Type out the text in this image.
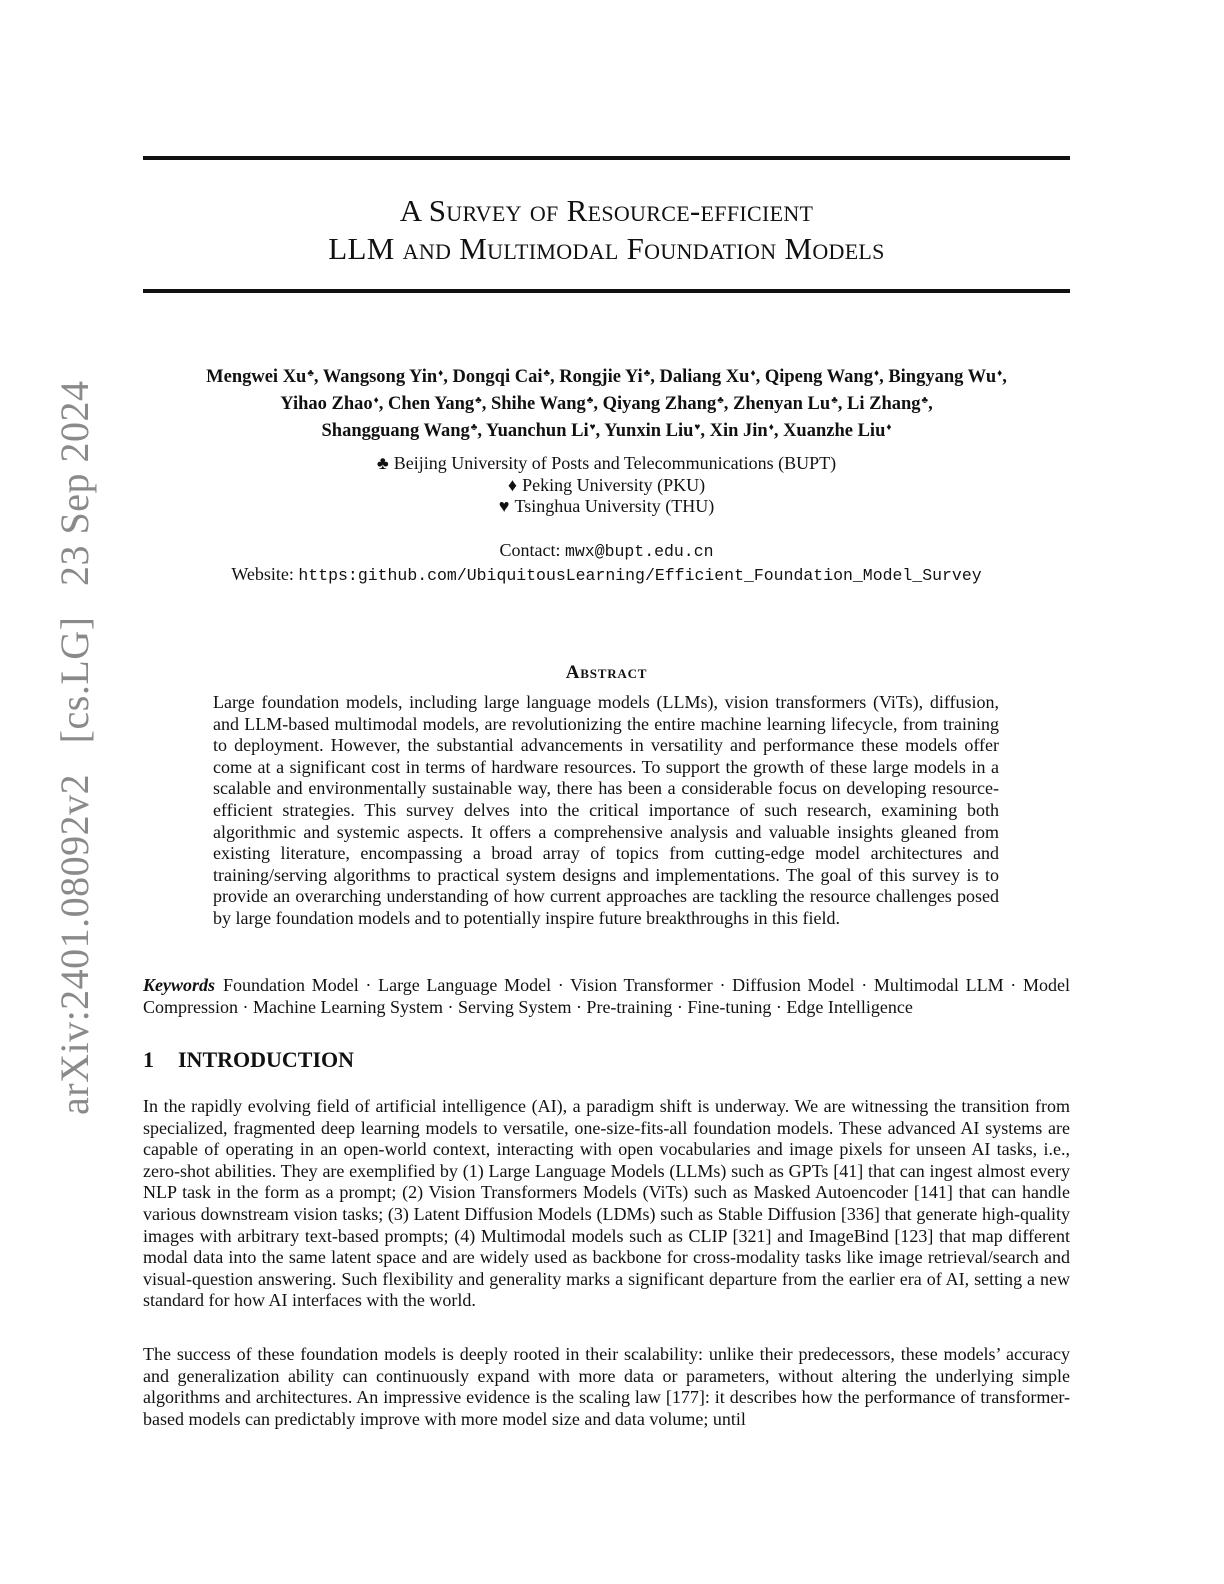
arXiv:2401.08092v2 [cs.LG] 23 Sep 2024
A Survey of Resource-efficient
LLM and Multimodal Foundation Models
Mengwei Xu♣, Wangsong Yin♦, Dongqi Cai♣, Rongjie Yi♣, Daliang Xu♦, Qipeng Wang♦, Bingyang Wu♦,
Yihao Zhao♦, Chen Yang♣, Shihe Wang♣, Qiyang Zhang♣, Zhenyan Lu♣, Li Zhang♣,
Shangguang Wang♣, Yuanchun Li♥, Yunxin Liu♥, Xin Jin♦, Xuanzhe Liu♦
♣ Beijing University of Posts and Telecommunications (BUPT)
♦ Peking University (PKU)
♥ Tsinghua University (THU)
Contact: mwx@bupt.edu.cn
Website: https:github.com/UbiquitousLearning/Efficient_Foundation_Model_Survey
Abstract

Large foundation models, including large language models (LLMs), vision transformers (ViTs), diffusion, and LLM-based multimodal models, are revolutionizing the entire machine learning lifecycle, from training to deployment. However, the substantial advancements in versatility and performance these models offer come at a significant cost in terms of hardware resources. To support the growth of these large models in a scalable and environmentally sustainable way, there has been a considerable focus on developing resource-efficient strategies. This survey delves into the critical importance of such research, examining both algorithmic and systemic aspects. It offers a comprehensive analysis and valuable insights gleaned from existing literature, encompassing a broad array of topics from cutting-edge model architectures and training/serving algorithms to practical system designs and implementations. The goal of this survey is to provide an overarching understanding of how current approaches are tackling the resource challenges posed by large foundation models and to potentially inspire future breakthroughs in this field.

Keywords Foundation Model · Large Language Model · Vision Transformer · Diffusion Model · Multimodal LLM · Model Compression · Machine Learning System · Serving System · Pre-training · Fine-tuning · Edge Intelligence

1 INTRODUCTION

In the rapidly evolving field of artificial intelligence (AI), a paradigm shift is underway. We are witnessing the transition from specialized, fragmented deep learning models to versatile, one-size-fits-all foundation models. These advanced AI systems are capable of operating in an open-world context, interacting with open vocabularies and image pixels for unseen AI tasks, i.e., zero-shot abilities. They are exemplified by (1) Large Language Models (LLMs) such as GPTs [41] that can ingest almost every NLP task in the form as a prompt; (2) Vision Transformers Models (ViTs) such as Masked Autoencoder [141] that can handle various downstream vision tasks; (3) Latent Diffusion Models (LDMs) such as Stable Diffusion [336] that generate high-quality images with arbitrary text-based prompts; (4) Multimodal models such as CLIP [321] and ImageBind [123] that map different modal data into the same latent space and are widely used as backbone for cross-modality tasks like image retrieval/search and visual-question answering. Such flexibility and generality marks a significant departure from the earlier era of AI, setting a new standard for how AI interfaces with the world.

The success of these foundation models is deeply rooted in their scalability: unlike their predecessors, these models’ accuracy and generalization ability can continuously expand with more data or parameters, without altering the underlying simple algorithms and architectures. An impressive evidence is the scaling law [177]: it describes how the performance of transformer-based models can predictably improve with more model size and data volume; until
